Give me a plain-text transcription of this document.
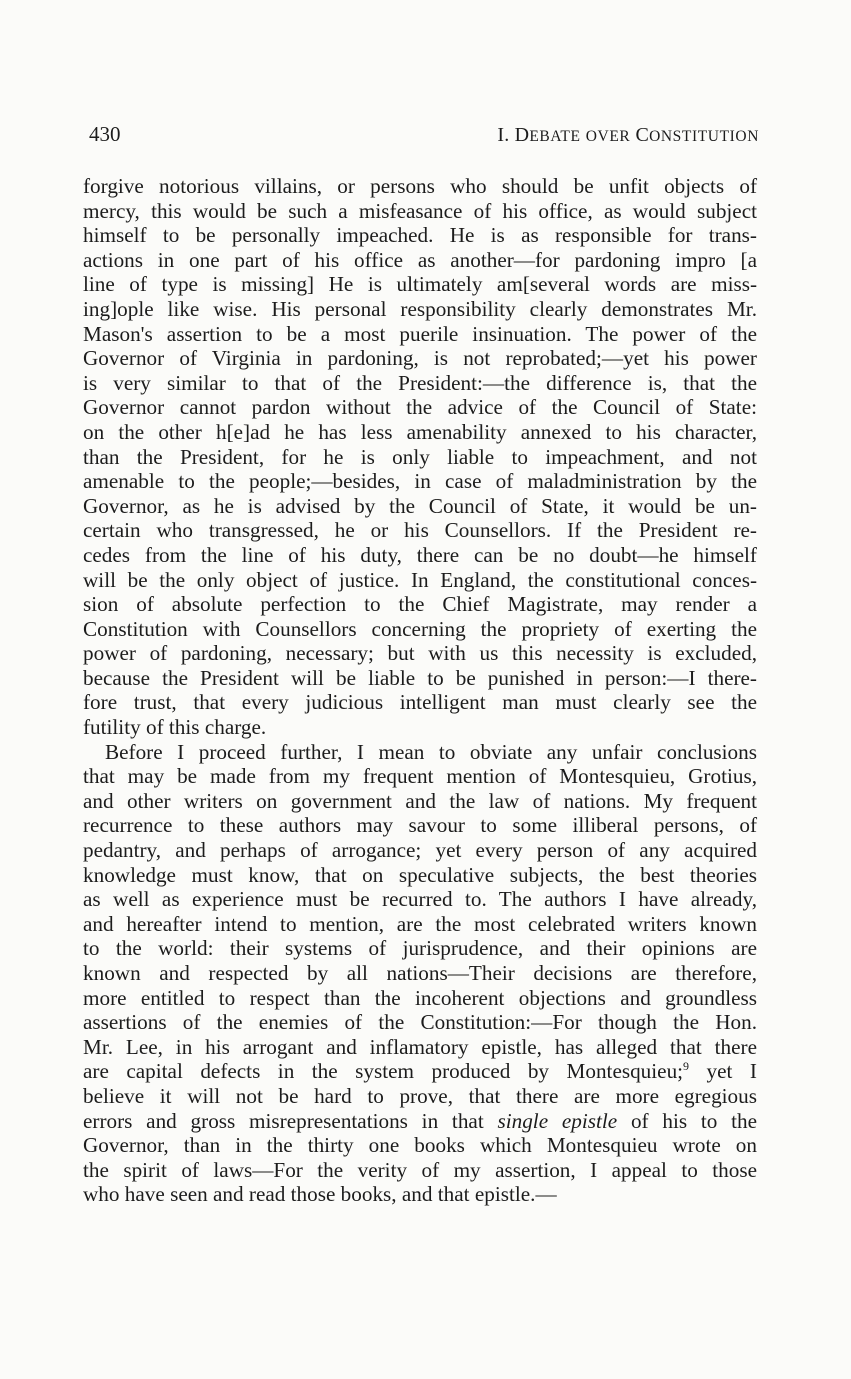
430	I. DEBATE OVER CONSTITUTION
forgive notorious villains, or persons who should be unfit objects of
mercy, this would be such a misfeasance of his office, as would subject
himself to be personally impeached. He is as responsible for trans-
actions in one part of his office as another—for pardoning impro [a
line of type is missing] He is ultimately am[several words are miss-
ing]ople like wise. His personal responsibility clearly demonstrates Mr.
Mason's assertion to be a most puerile insinuation. The power of the
Governor of Virginia in pardoning, is not reprobated;—yet his power
is very similar to that of the President:—the difference is, that the
Governor cannot pardon without the advice of the Council of State:
on the other h[e]ad he has less amenability annexed to his character,
than the President, for he is only liable to impeachment, and not
amenable to the people;—besides, in case of maladministration by the
Governor, as he is advised by the Council of State, it would be un-
certain who transgressed, he or his Counsellors. If the President re-
cedes from the line of his duty, there can be no doubt—he himself
will be the only object of justice. In England, the constitutional conces-
sion of absolute perfection to the Chief Magistrate, may render a
Constitution with Counsellors concerning the propriety of exerting the
power of pardoning, necessary; but with us this necessity is excluded,
because the President will be liable to be punished in person:—I there-
fore trust, that every judicious intelligent man must clearly see the
futility of this charge.
Before I proceed further, I mean to obviate any unfair conclusions
that may be made from my frequent mention of Montesquieu, Grotius,
and other writers on government and the law of nations. My frequent
recurrence to these authors may savour to some illiberal persons, of
pedantry, and perhaps of arrogance; yet every person of any acquired
knowledge must know, that on speculative subjects, the best theories
as well as experience must be recurred to. The authors I have already,
and hereafter intend to mention, are the most celebrated writers known
to the world: their systems of jurisprudence, and their opinions are
known and respected by all nations—Their decisions are therefore,
more entitled to respect than the incoherent objections and groundless
assertions of the enemies of the Constitution:—For though the Hon.
Mr. Lee, in his arrogant and inflamatory epistle, has alleged that there
are capital defects in the system produced by Montesquieu;$^9$ yet I
believe it will not be hard to prove, that there are more egregious
errors and gross misrepresentations in that single epistle of his to the
Governor, than in the thirty one books which Montesquieu wrote on
the spirit of laws—For the verity of my assertion, I appeal to those
who have seen and read those books, and that epistle.—
